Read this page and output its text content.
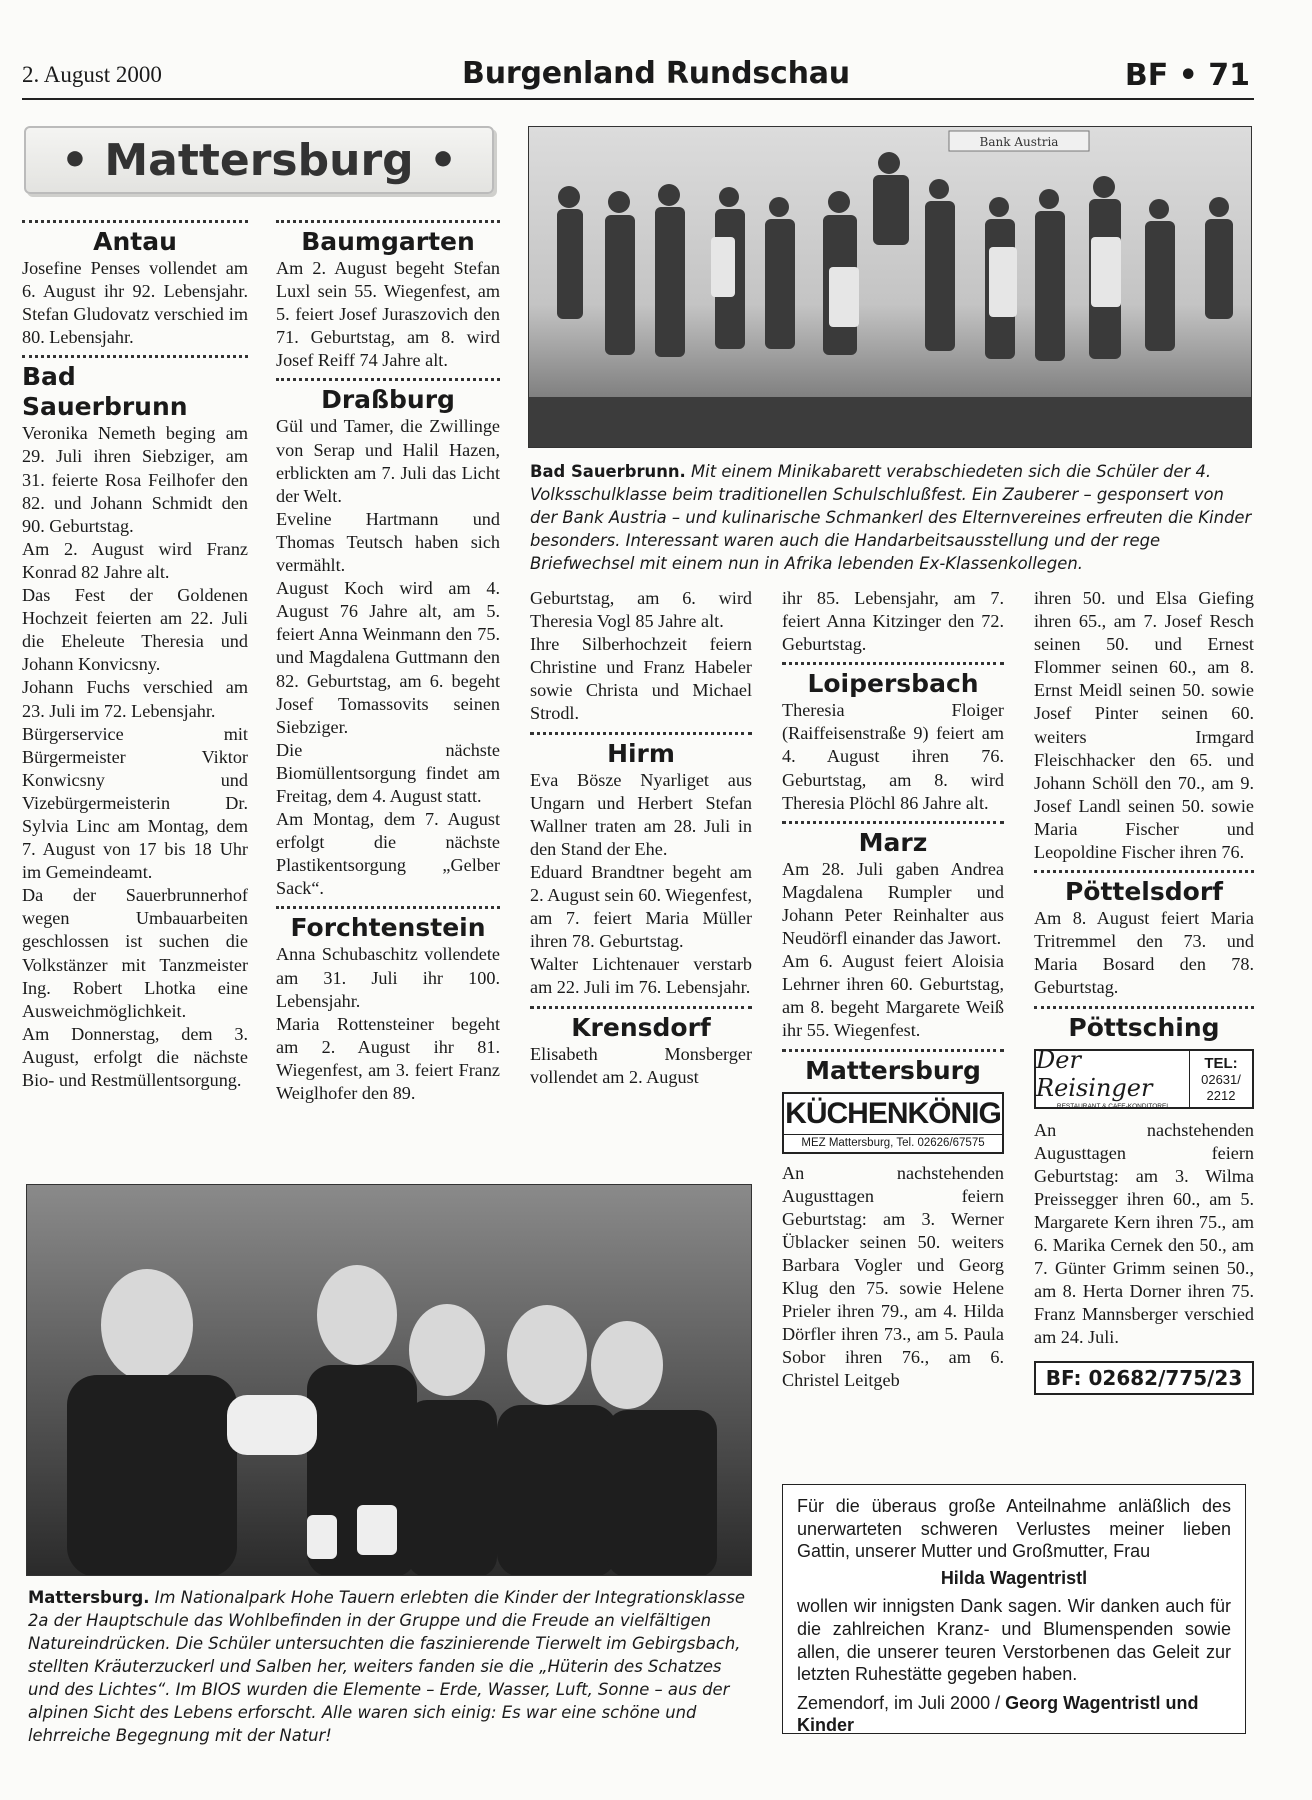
2. August 2000	Burgenland Rundschau	BF • 71
• Mattersburg •
Antau

Josefine Penses vollendet am 6. August ihr 92. Lebensjahr. Stefan Gludovatz verschied im 80. Lebensjahr.

Bad Sauerbrunn

Veronika Nemeth beging am 29. Juli ihren Siebziger, am 31. feierte Rosa Feilhofer den 82. und Johann Schmidt den 90. Geburtstag.

Am 2. August wird Franz Konrad 82 Jahre alt.

Das Fest der Goldenen Hochzeit feierten am 22. Juli die Eheleute Theresia und Johann Konvicsny.

Johann Fuchs verschied am 23. Juli im 72. Lebensjahr.

Bürgerservice mit Bürgermeister Viktor Konwicsny und Vizebürgermeisterin Dr. Sylvia Linc am Montag, dem 7. August von 17 bis 18 Uhr im Gemeindeamt.

Da der Sauerbrunnerhof wegen Umbauarbeiten geschlossen ist suchen die Volkstänzer mit Tanzmeister Ing. Robert Lhotka eine Ausweichmöglichkeit.

Am Donnerstag, dem 3. August, erfolgt die nächste Bio- und Restmüllentsorgung.

Baumgarten

Am 2. August begeht Stefan Luxl sein 55. Wiegenfest, am 5. feiert Josef Juraszovich den 71. Geburtstag, am 8. wird Josef Reiff 74 Jahre alt.

Draßburg

Gül und Tamer, die Zwillinge von Serap und Halil Hazen, erblickten am 7. Juli das Licht der Welt.

Eveline Hartmann und Thomas Teutsch haben sich vermählt.

August Koch wird am 4. August 76 Jahre alt, am 5. feiert Anna Weinmann den 75. und Magdalena Guttmann den 82. Geburtstag, am 6. begeht Josef Tomassovits seinen Siebziger.

Die nächste Biomüllentsorgung findet am Freitag, dem 4. August statt.

Am Montag, dem 7. August erfolgt die nächste Plastikentsorgung „Gelber Sack“.

Forchtenstein

Anna Schubaschitz vollendete am 31. Juli ihr 100. Lebensjahr.

Maria Rottensteiner begeht am 2. August ihr 81. Wiegenfest, am 3. feiert Franz Weiglhofer den 89.

Bank Austria
Bad Sauerbrunn. Mit einem Minikabarett verabschiedeten sich die Schüler der 4. Volksschulklasse beim traditionellen Schulschlußfest. Ein Zauberer – gesponsert von der Bank Austria – und kulinarische Schmankerl des Elternvereines erfreuten die Kinder besonders. Interessant waren auch die Handarbeitsausstellung und der rege Briefwechsel mit einem nun in Afrika lebenden Ex-Klassenkollegen.

Geburtstag, am 6. wird Theresia Vogl 85 Jahre alt.

Ihre Silberhochzeit feiern Christine und Franz Habeler sowie Christa und Michael Strodl.

Hirm

Eva Bösze Nyarliget aus Ungarn und Herbert Stefan Wallner traten am 28. Juli in den Stand der Ehe.

Eduard Brandtner begeht am 2. August sein 60. Wiegenfest, am 7. feiert Maria Müller ihren 78. Geburtstag.

Walter Lichtenauer verstarb am 22. Juli im 76. Lebensjahr.

Krensdorf

Elisabeth Monsberger vollendet am 2. August

ihr 85. Lebensjahr, am 7. feiert Anna Kitzinger den 72. Geburtstag.

Loipersbach

Theresia Floiger (Raiffeisenstraße 9) feiert am 4. August ihren 76. Geburtstag, am 8. wird Theresia Plöchl 86 Jahre alt.

Marz

Am 28. Juli gaben Andrea Magdalena Rumpler und Johann Peter Reinhalter aus Neudörfl einander das Jawort.

Am 6. August feiert Aloisia Lehrner ihren 60. Geburtstag, am 8. begeht Margarete Weiß ihr 55. Wiegenfest.

Mattersburg
KÜCHENKÖNIG
MEZ Mattersburg, Tel. 02626/67575

An nachstehenden Augusttagen feiern Geburtstag: am 3. Werner Üblacker seinen 50. weiters Barbara Vogler und Georg Klug den 75. sowie Helene Prieler ihren 79., am 4. Hilda Dörfler ihren 73., am 5. Paula Sobor ihren 76., am 6. Christel Leitgeb

ihren 50. und Elsa Giefing ihren 65., am 7. Josef Resch seinen 50. und Ernest Flommer seinen 60., am 8. Ernst Meidl seinen 50. sowie Josef Pinter seinen 60. weiters Irmgard Fleischhacker den 65. und Johann Schöll den 70., am 9. Josef Landl seinen 50. sowie Maria Fischer und Leopoldine Fischer ihren 76.

Pöttelsdorf

Am 8. August feiert Maria Tritremmel den 73. und Maria Bosard den 78. Geburtstag.

Pöttsching
Der Reisinger
RESTAURANT & CAFE-KONDITOREI
TEL:
02631/
2212

An nachstehenden Augusttagen feiern Geburtstag: am 3. Wilma Preissegger ihren 60., am 5. Margarete Kern ihren 75., am 6. Marika Cernek den 50., am 7. Günter Grimm seinen 50., am 8. Herta Dorner ihren 75. Franz Mannsberger verschied am 24. Juli.

BF: 02682/775/23
Mattersburg. Im Nationalpark Hohe Tauern erlebten die Kinder der Integrationsklasse 2a der Hauptschule das Wohlbefinden in der Gruppe und die Freude an vielfältigen Natureindrücken. Die Schüler untersuchten die faszinierende Tierwelt im Gebirgsbach, stellten Kräuterzuckerl und Salben her, weiters fanden sie die „Hüterin des Schatzes und des Lichtes“. Im BIOS wurden die Elemente – Erde, Wasser, Luft, Sonne – aus der alpinen Sicht des Lebens erforscht. Alle waren sich einig: Es war eine schöne und lehrreiche Begegnung mit der Natur!

Für die überaus große Anteilnahme anläßlich des unerwarteten schweren Verlustes meiner lieben Gattin, unserer Mutter und Großmutter, Frau

Hilda Wagentristl

wollen wir innigsten Dank sagen. Wir danken auch für die zahlreichen Kranz- und Blumenspenden sowie allen, die unserer teuren Verstorbenen das Geleit zur letzten Ruhestätte gegeben haben.

Zemendorf, im Juli 2000 / Georg Wagentristl und Kinder
